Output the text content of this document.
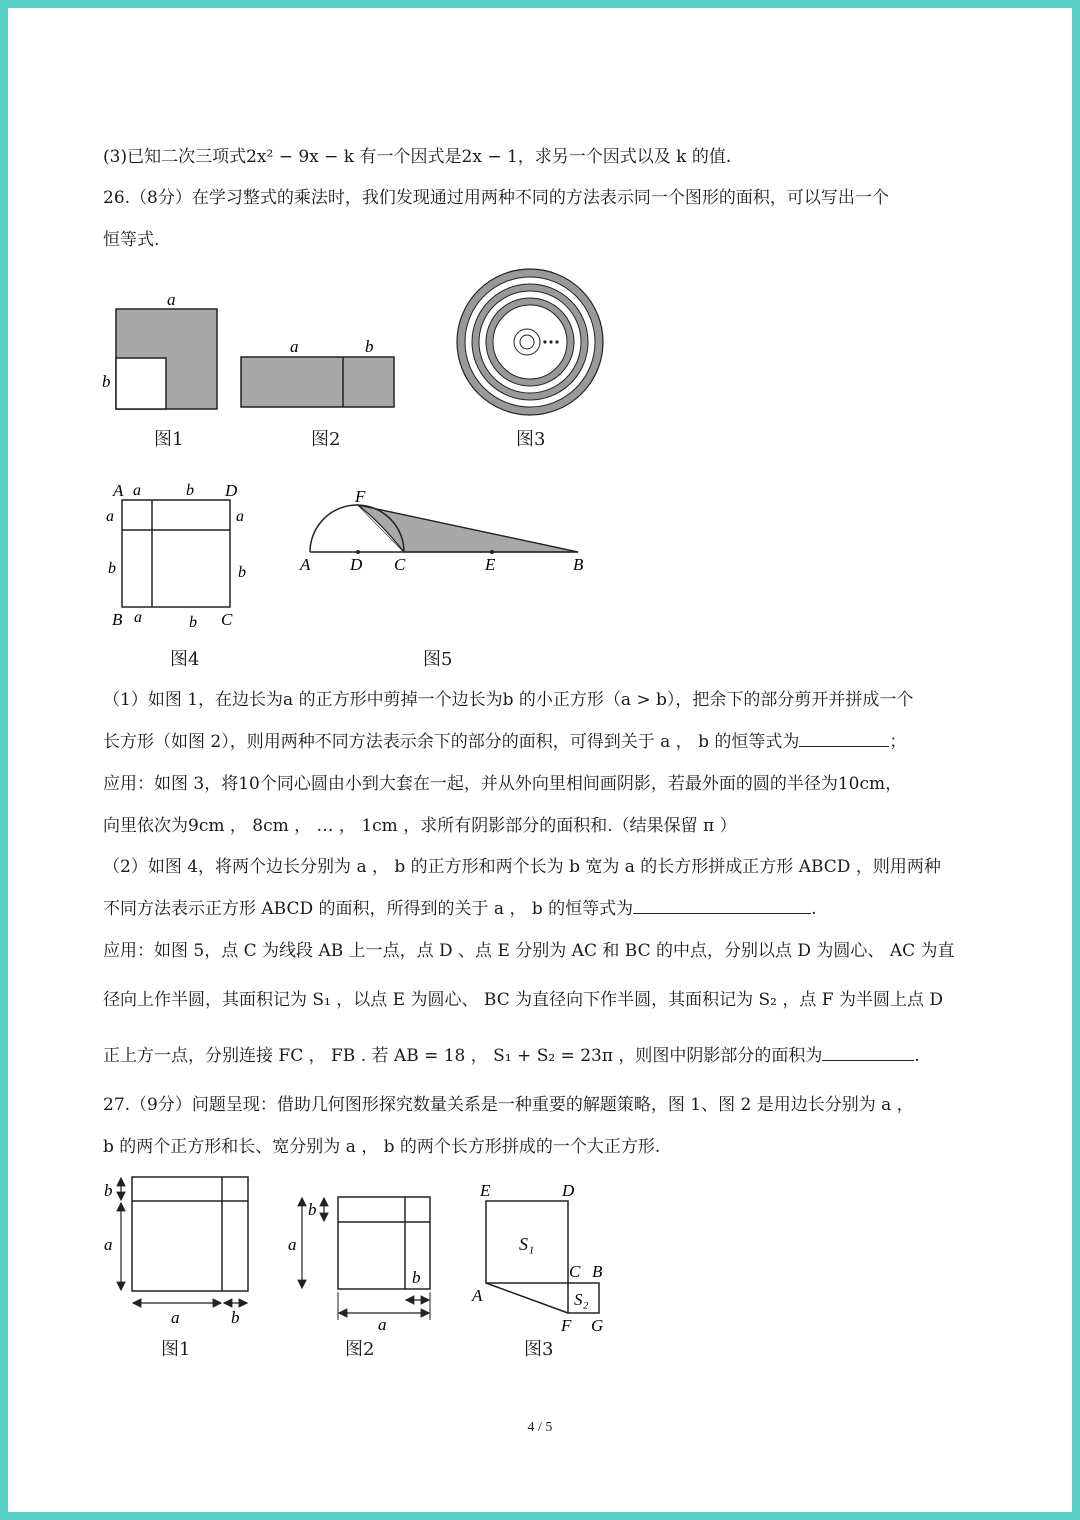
(3)已知二次三项式2x² − 9x − k 有一个因式是2x − 1，求另一个因式以及 k 的值.
26.（8分）在学习整式的乘法时，我们发现通过用两种不同的方法表示同一个图形的面积，可以写出一个
恒等式.
a
b
a	b
A a	b D
a	a
b	b
B a	b C
F
A D C	E	B
图1	图2	图3
图4	图5
（1）如图 1，在边长为a 的正方形中剪掉一个边长为b 的小正方形（a > b），把余下的部分剪开并拼成一个
长方形（如图 2），则用两种不同方法表示余下的部分的面积，可得到关于 a ， b 的恒等式为	；
应用：如图 3，将10个同心圆由小到大套在一起，并从外向里相间画阴影，若最外面的圆的半径为10cm，
向里依次为9cm ， 8cm ， … ， 1cm ，求所有阴影部分的面积和.（结果保留 π ）
（2）如图 4，将两个边长分别为 a ， b 的正方形和两个长为 b 宽为 a 的长方形拼成正方形 ABCD ，则用两种
不同方法表示正方形 ABCD 的面积，所得到的关于 a ， b 的恒等式为	.
应用：如图 5，点 C 为线段 AB 上一点，点 D 、点 E 分别为 AC 和 BC 的中点，分别以点 D 为圆心、 AC 为直
径向上作半圆，其面积记为 S₁ ，以点 E 为圆心、 BC 为直径向下作半圆，其面积记为 S₂ ，点 F 为半圆上点 D
正上方一点，分别连接 FC ， FB . 若 AB = 18 ， S₁ + S₂ = 23π ，则图中阴影部分的面积为	.
27.（9分）问题呈现：借助几何图形探究数量关系是一种重要的解题策略，图 1、图 2 是用边长分别为 a ，
b 的两个正方形和长、宽分别为 a ， b 的两个长方形拼成的一个大正方形.
b
a
a	b
b
a
b
a
E	D
S₁
C B
A	S₂
F G
图1	图2	图3
4 / 5
